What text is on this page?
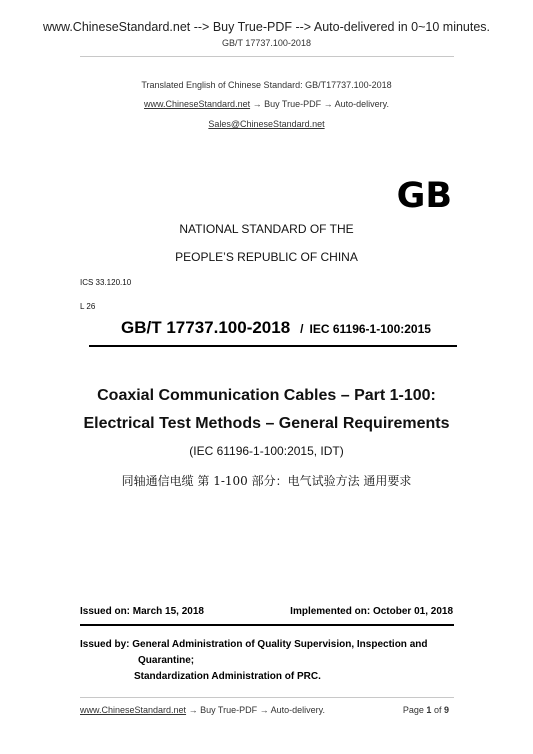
www.ChineseStandard.net --> Buy True-PDF --> Auto-delivered in 0~10 minutes.
GB/T 17737.100-2018
Translated English of Chinese Standard: GB/T17737.100-2018
www.ChineseStandard.net → Buy True-PDF → Auto-delivery.
Sales@ChineseStandard.net
GB
NATIONAL STANDARD OF THE
PEOPLE’S REPUBLIC OF CHINA
ICS 33.120.10
L 26
GB/T 17737.100-2018 / IEC 61196-1-100:2015
Coaxial Communication Cables – Part 1-100:
Electrical Test Methods – General Requirements
(IEC 61196-1-100:2015, IDT)
同轴通信电缆 第 1-100 部分：电气试验方法 通用要求
Issued on: March 15, 2018	Implemented on: October 01, 2018
Issued by: General Administration of Quality Supervision, Inspection and
Quarantine;
Standardization Administration of PRC.
www.ChineseStandard.net → Buy True-PDF → Auto-delivery.	Page 1 of 9
